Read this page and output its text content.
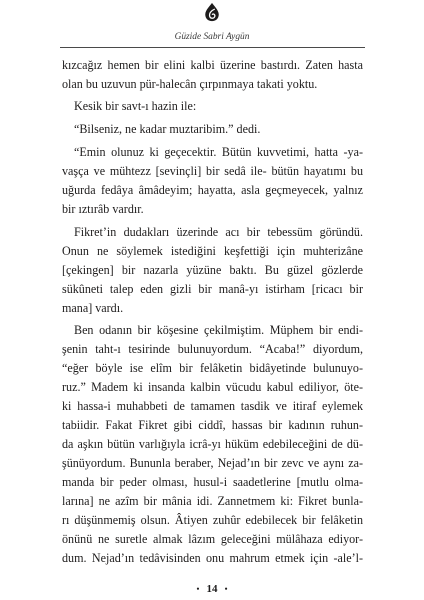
Güzide Sabri Aygün
kızcağız hemen bir elini kalbi üzerine bastırdı. Zaten hasta
olan bu uzuvun pür-halecân çırpınmaya takati yoktu.
Kesik bir savt-ı hazin ile:
“Bilseniz, ne kadar muztaribim.” dedi.
“Emin olunuz ki geçecektir. Bütün kuvvetimi, hatta -ya-
vaşça ve mühtezz [sevinçli] bir sedâ ile- bütün hayatımı bu
uğurda fedâya âmâdeyim; hayatta, asla geçmeyecek, yalnız
bir ıztırâb vardır.
Fikret’in dudakları üzerinde acı bir tebessüm göründü.
Onun ne söylemek istediğini keşfettiği için muhterizâne
[çekingen] bir nazarla yüzüne baktı. Bu güzel gözlerde
sükûneti talep eden gizli bir manâ-yı istirham [ricacı bir
mana] vardı.
Ben odanın bir köşesine çekilmiştim. Müphem bir endi-
şenin taht-ı tesirinde bulunuyordum. “Acaba!” diyordum,
“eğer böyle ise elîm bir felâketin bidâyetinde bulunuyo-
ruz.” Madem ki insanda kalbin vücudu kabul ediliyor, öte-
ki hassa-i muhabbeti de tamamen tasdik ve itiraf eylemek
tabiidir. Fakat Fikret gibi ciddî, hassas bir kadının ruhun-
da aşkın bütün varlığıyla icrâ-yı hüküm edebileceğini de dü-
şünüyordum. Bununla beraber, Nejad’ın bir zevc ve aynı za-
manda bir peder olması, husul-i saadetlerine [mutlu olma-
larına] ne azîm bir mânia idi. Zannetmem ki: Fikret bunla-
rı düşünmemiş olsun. Âtiyen zuhûr edebilecek bir felâketin
önünü ne suretle almak lâzım geleceğini mülâhaza ediyor-
dum. Nejad’ın tedâvisinden onu mahrum etmek için -ale’l-
• 14 •
